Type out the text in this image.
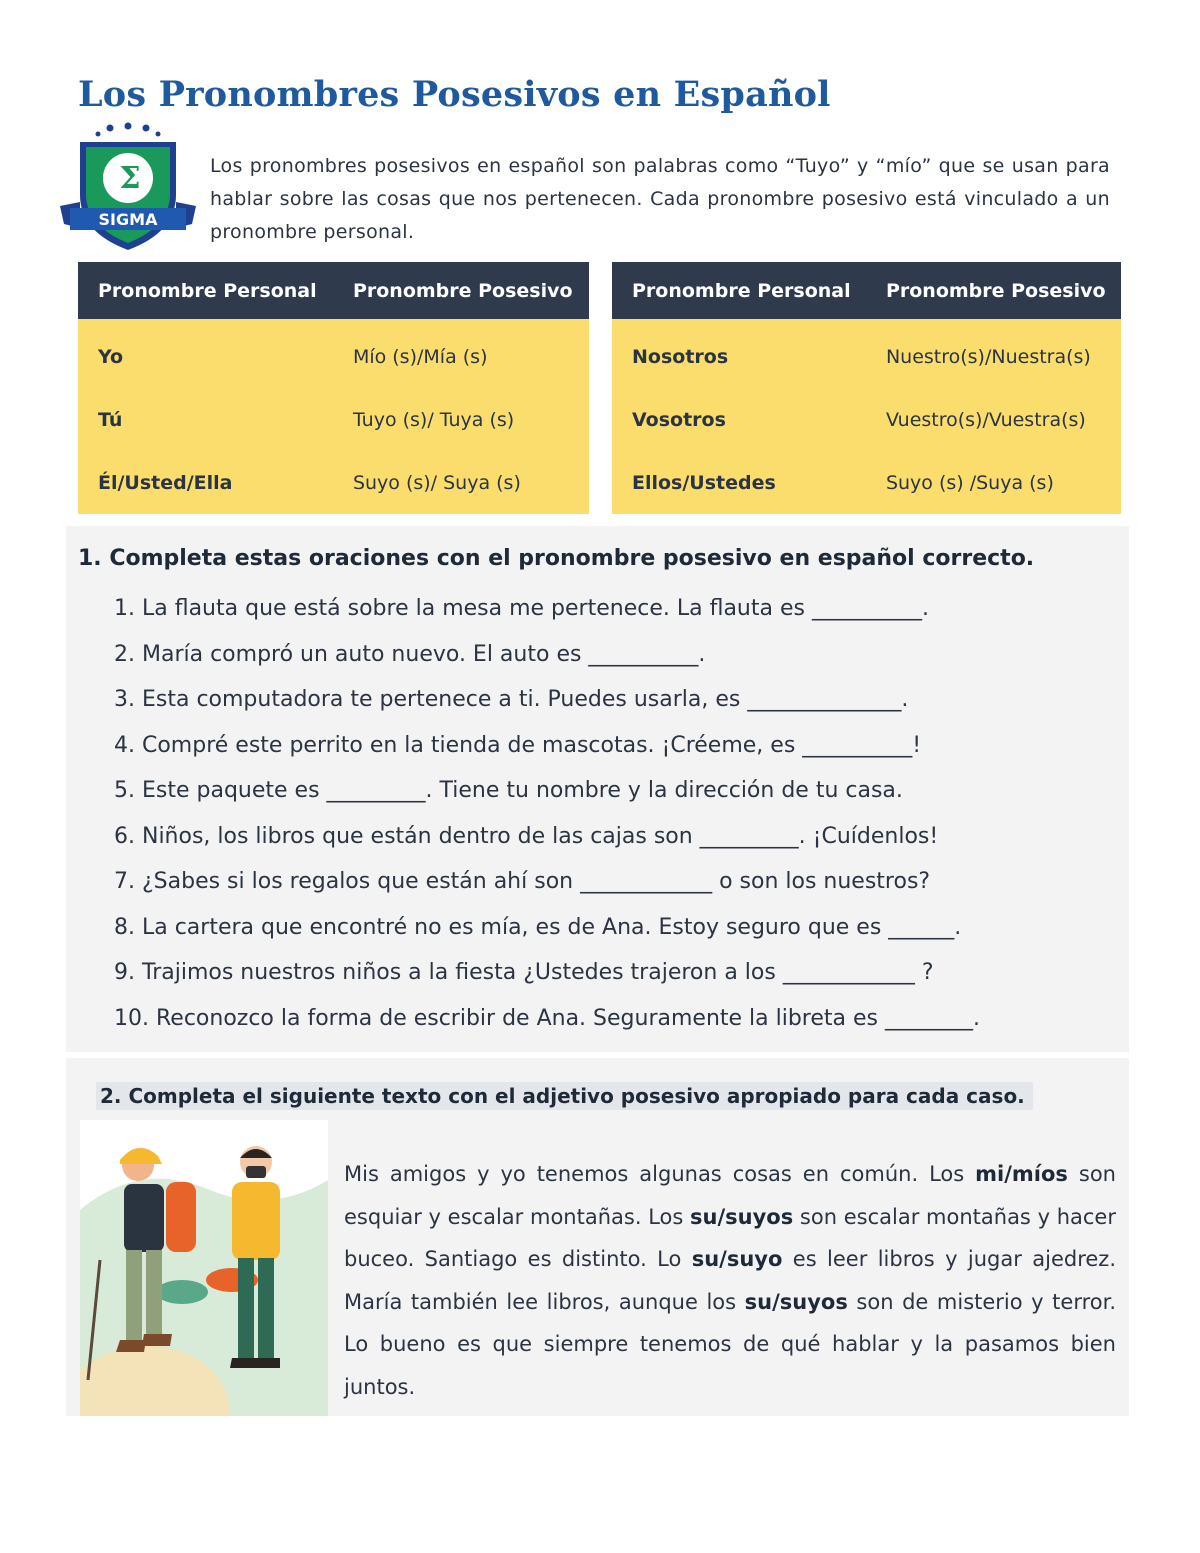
Los Pronombres Posesivos en Español
Σ
SIGMA
Los pronombres posesivos en español son palabras como “Tuyo” y “mío” que se usan para hablar sobre las cosas que nos pertenecen. Cada pronombre posesivo está vinculado a un pronombre personal.
Pronombre Personal	Pronombre Posesivo
Yo	Mío (s)/Mía (s)
Tú	Tuyo (s)/ Tuya (s)
Él/Usted/Ella	Suyo (s)/ Suya (s)
Pronombre Personal	Pronombre Posesivo
Nosotros	Nuestro(s)/Nuestra(s)
Vosotros	Vuestro(s)/Vuestra(s)
Ellos/Ustedes	Suyo (s) /Suya (s)
1. Completa estas oraciones con el pronombre posesivo en español correcto.
1. La flauta que está sobre la mesa me pertenece. La flauta es __________.
2. María compró un auto nuevo. El auto es __________.
3. Esta computadora te pertenece a ti. Puedes usarla, es ______________.
4. Compré este perrito en la tienda de mascotas. ¡Créeme, es __________!
5. Este paquete es _________. Tiene tu nombre y la dirección de tu casa.
6. Niños, los libros que están dentro de las cajas son _________. ¡Cuídenlos!
7. ¿Sabes si los regalos que están ahí son ____________ o son los nuestros?
8. La cartera que encontré no es mía, es de Ana. Estoy seguro que es ______.
9. Trajimos nuestros niños a la fiesta ¿Ustedes trajeron a los ____________ ?
10. Reconozco la forma de escribir de Ana. Seguramente la libreta es ________.
2. Completa el siguiente texto con el adjetivo posesivo apropiado para cada caso.

Mis amigos y yo tenemos algunas cosas en común. Los mi/míos son esquiar y escalar montañas. Los su/suyos son escalar montañas y hacer buceo. Santiago es distinto. Lo su/suyo es leer libros y jugar ajedrez. María también lee libros, aunque los su/suyos son de misterio y terror. Lo bueno es que siempre tenemos de qué hablar y la pasamos bien juntos.
